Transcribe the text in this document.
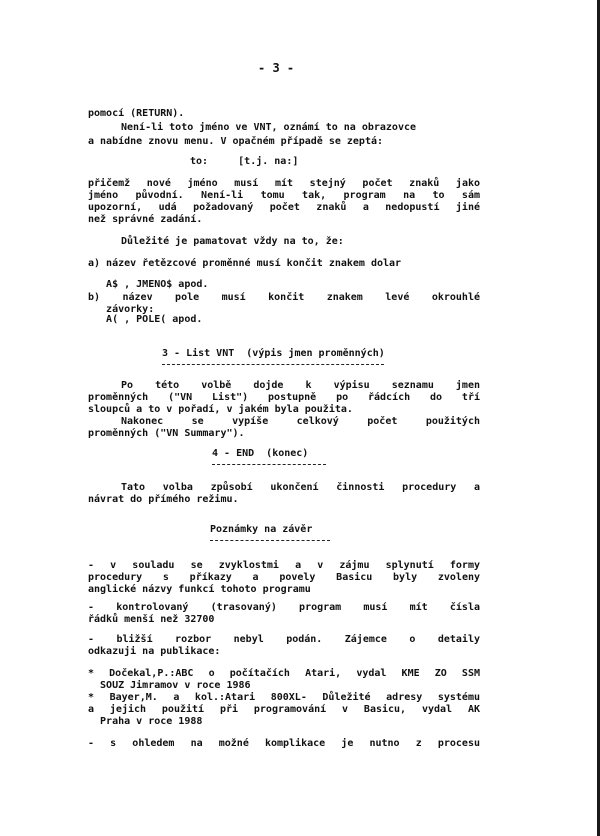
- 3 -
pomocí (RETURN).
Není-li toto jméno ve VNT, oznámí to na obrazovce
a nabídne znovu menu. V opačném případě se zeptá:
to:     [t.j. na:]
přičemž nové jméno musí mít stejný počet znaků jako
jméno původní. Není-li tomu tak, program na to sám
upozorní, udá požadovaný počet znaků a nedopustí jiné
než správné zadání.
Důležité je pamatovat vždy na to, že:
a) název řetězcové proměnné musí končit znakem dolar
A$ , JMENO$ apod.
b) název pole musí končit znakem levé okrouhlé
závorky:
A( , POLE( apod.
3 - List VNT  (výpis jmen proměnných)
Po této volbě dojde k výpisu seznamu jmen
proměnných ("VN List") postupně po řádcích do tří
sloupců a to v pořadí, v jakém byla použita.
Nakonec se vypíše celkový počet použitých
proměnných ("VN Summary").
4 - END  (konec)
Tato volba způsobí ukončení činnosti procedury a
návrat do přímého režimu.
Poznámky na závěr
- v souladu se zvyklostmi a v zájmu splynutí formy
procedury s příkazy a povely Basicu byly zvoleny
anglické názvy funkcí tohoto programu
- kontrolovaný (trasovaný) program musí mít čísla
řádků menší než 32700
- bližší rozbor nebyl podán. Zájemce o detaily
odkazuji na publikace:
* Dočekal,P.:ABC o počítačích Atari, vydal KME ZO SSM
SOUZ Jimramov v roce 1986
* Bayer,M. a kol.:Atari 800XL- Důležité adresy systému
a jejich použití při programování v Basicu, vydal AK
Praha v roce 1988
- s ohledem na možné komplikace je nutno z procesu
